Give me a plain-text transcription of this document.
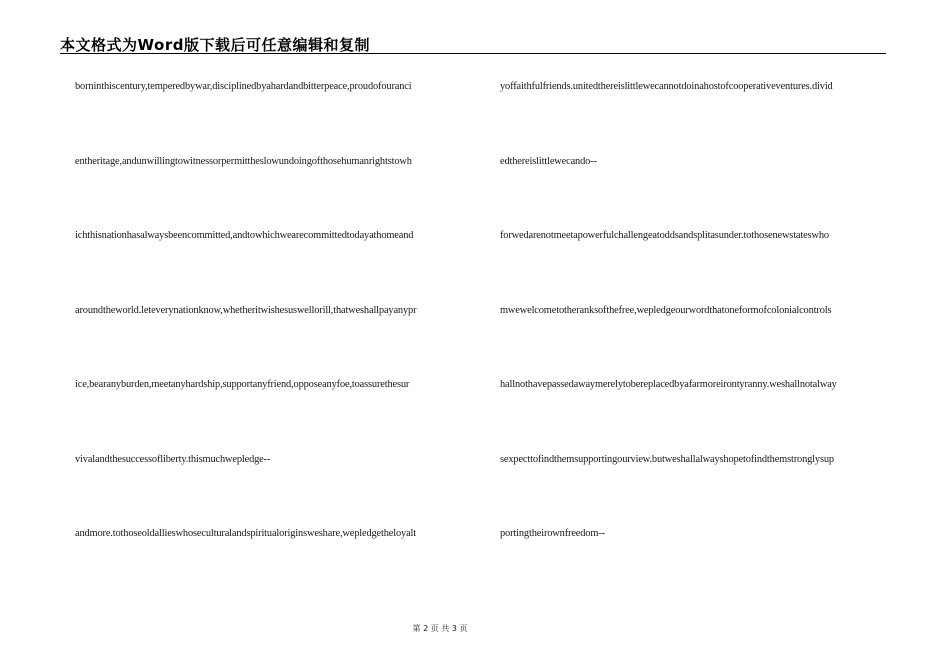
本文格式为Word版下载后可任意编辑和复制
borninthiscentury,temperedbywar,disciplinedbyahardandbitterpeace,proudofouranci
entheritage,andunwillingtowitnessorpermittheslowundoingofthosehumanrightstowh
ichthisnationhasalwaysbeencommitted,andtowhichwearecommittedtodayathomeand
aroundtheworld.leteverynationknow,whetheritwishesuswellorill,thatweshallpayanypr
ice,bearanyburden,meetanyhardship,supportanyfriend,opposeanyfoe,toassurethesur
vivalandthesuccessofliberty.thismuchwepledge--
andmore.tothoseoldallieswhoseculturalandspiritualoriginsweshare,wepledgetheloyalt
yoffaithfulfriends.unitedthereislittlewecannotdoinahostofcooperativeventures.divid
edthereislittlewecando--
forwedarenotmeetapowerfulchallengeatoddsandsplitasunder.tothosenewstateswho
mwewelcometotheranksofthefree,wepledgeourwordthatoneformofcolonialcontrols
hallnothavepassedawaymerelytobereplacedbyafarmoreirontyranny.weshallnotalway
sexpecttofindthemsupportingourview.butweshallalwayshopetofindthemstronglysup
portingtheirownfreedom--
第 2 页 共 3 页
